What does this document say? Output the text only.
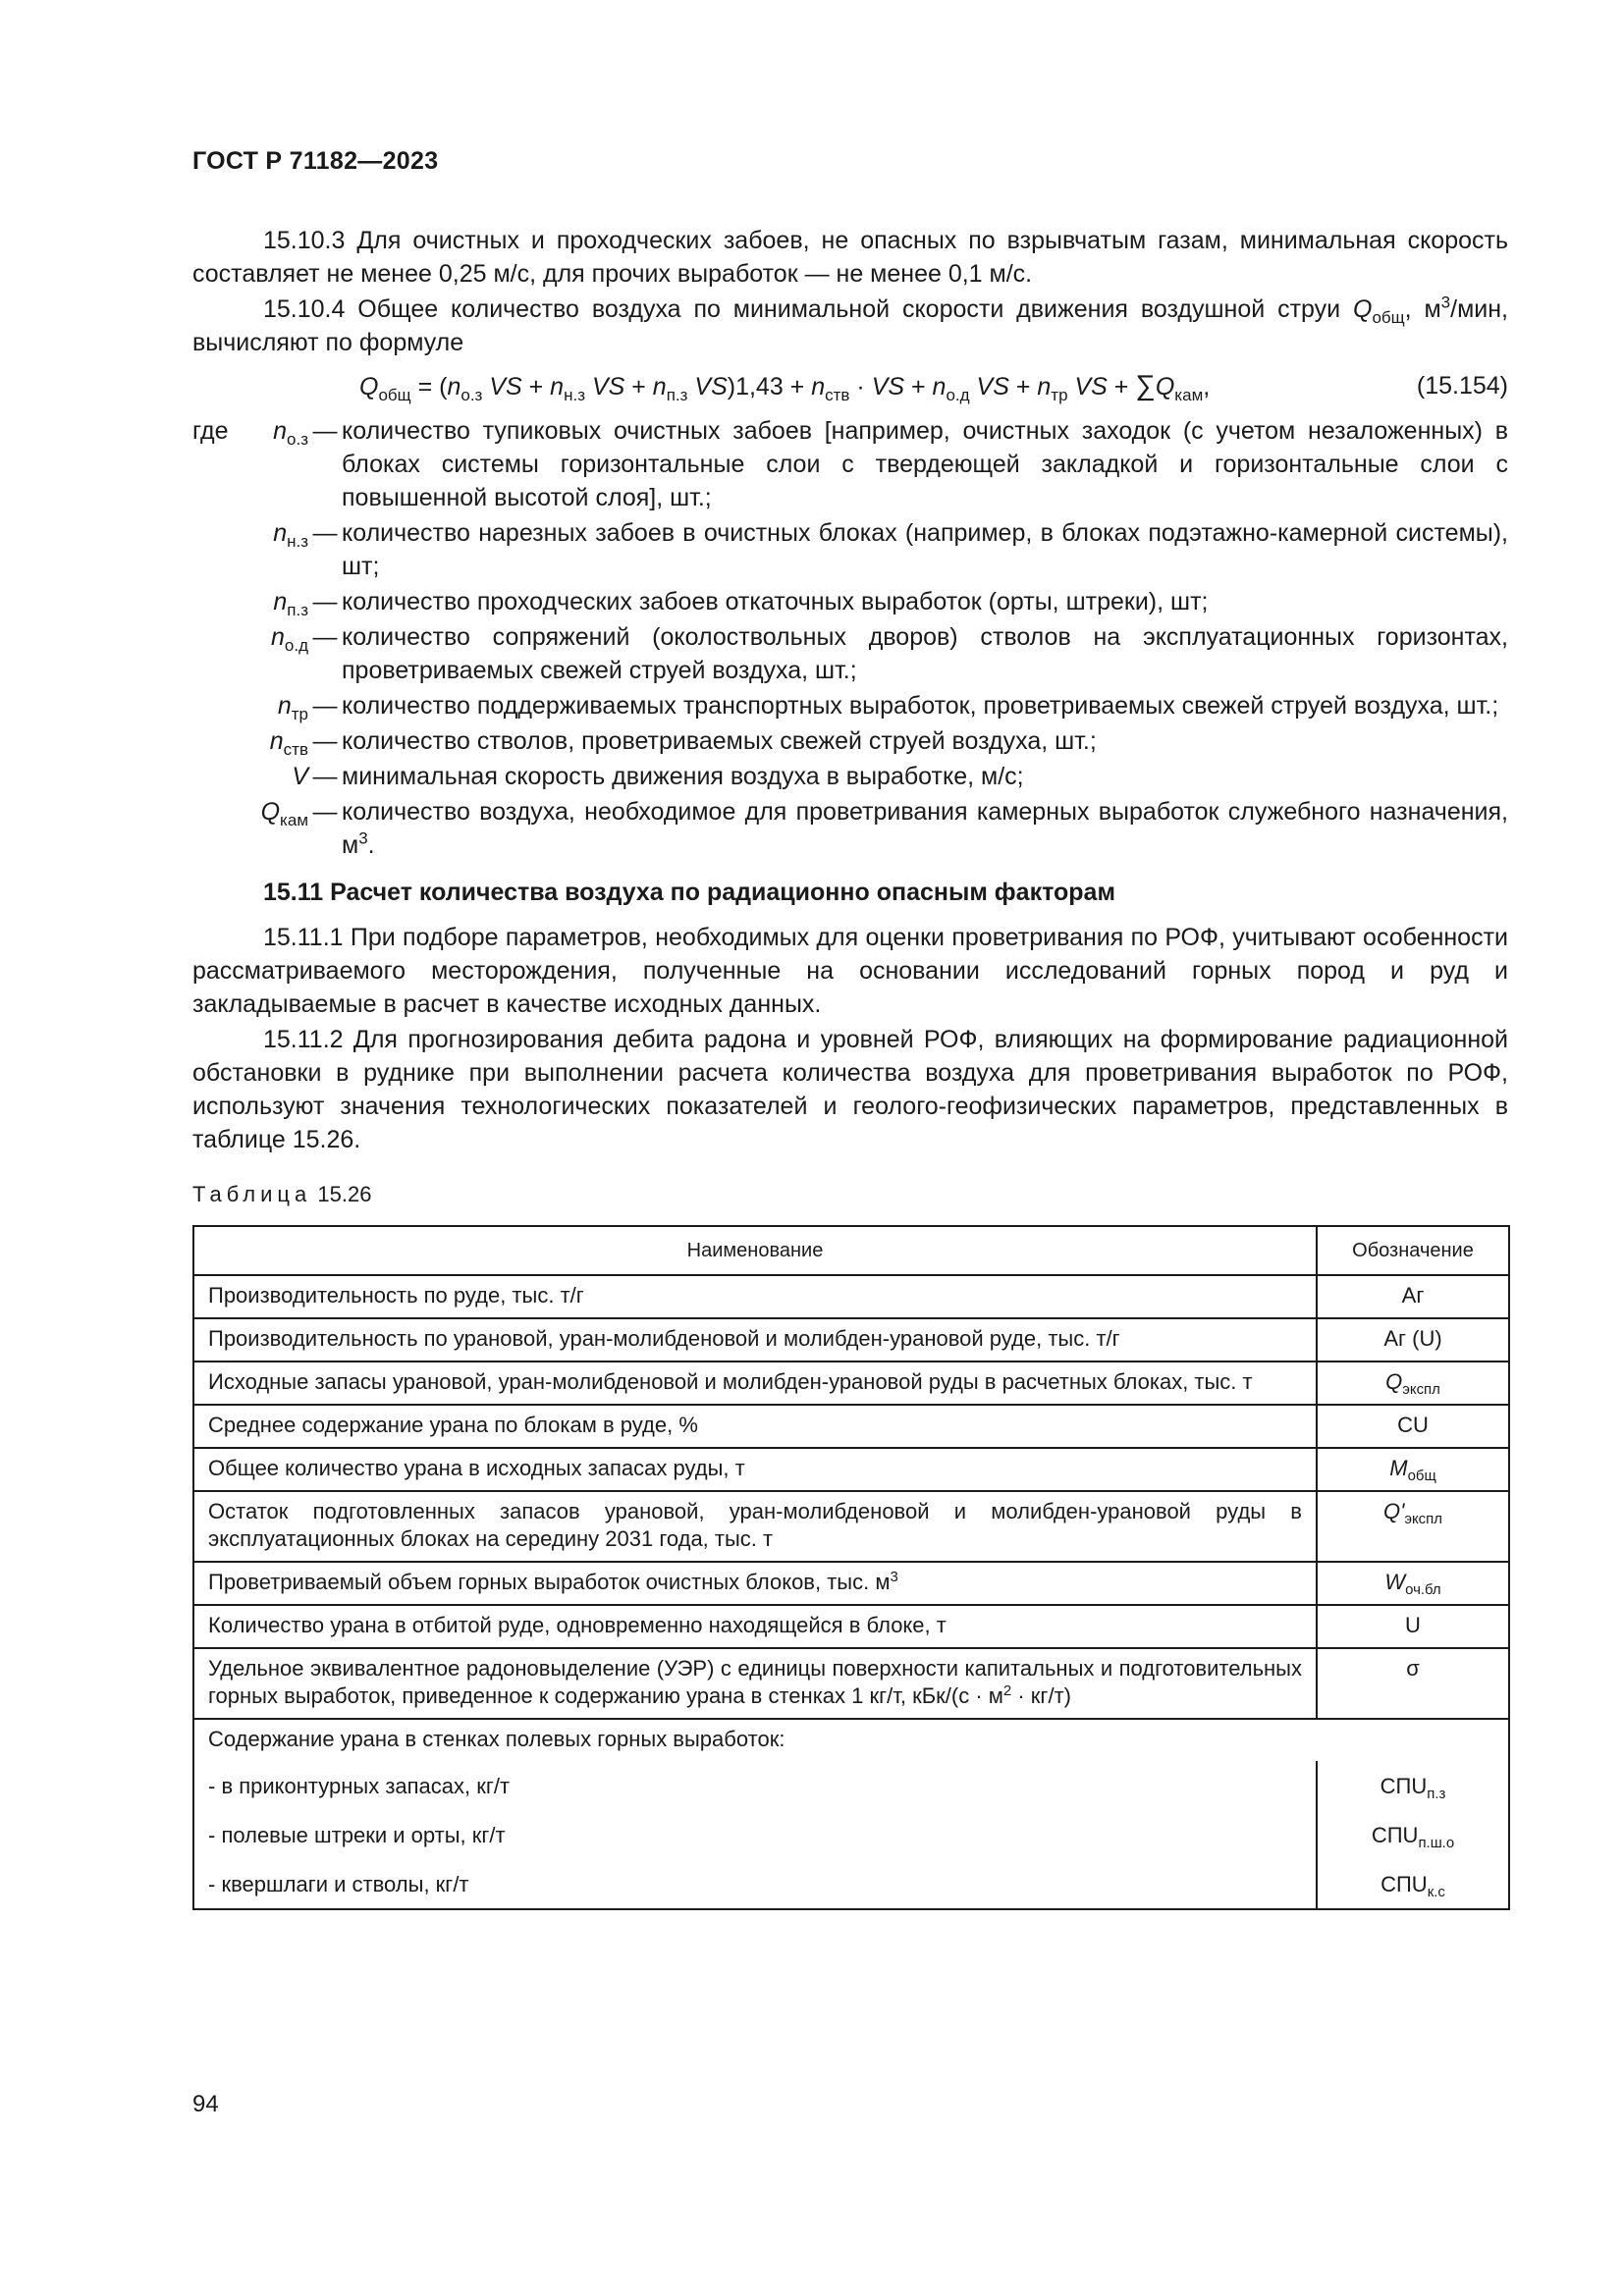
ГОСТ Р 71182—2023

15.10.3 Для очистных и проходческих забоев, не опасных по взрывчатым газам, минимальная скорость составляет не менее 0,25 м/с, для прочих выработок — не менее 0,1 м/с.

15.10.4 Общее количество воздуха по минимальной скорости движения воздушной струи $Q_{общ}$, $м^3$/мин, вычисляют по формуле

$Q_{общ} = (n_{о.з}$ VS + $n_{н.з}$ VS + $n_{п.з}$ $VS)1,43 + n_{ств}$ · VS + $n_{о.д}$ VS + $n_{тр}$ VS + $\sum Q_{кам}$,	(15.154)
где $n_{о.з}$ — количество тупиковых очистных забоев [например, очистных заходок (с учетом незаложенных) в блоках системы горизонтальные слои с твердеющей закладкой и горизонтальные слои с повышенной высотой слоя], шт.;
$n_{н.з}$ — количество нарезных забоев в очистных блоках (например, в блоках подэтажно-камерной системы), шт;
$n_{п.з}$ — количество проходческих забоев откаточных выработок (орты, штреки), шт;
$n_{о.д}$ — количество сопряжений (околоствольных дворов) стволов на эксплуатационных горизонтах, проветриваемых свежей струей воздуха, шт.;
$n_{тр}$ — количество поддерживаемых транспортных выработок, проветриваемых свежей струей воздуха, шт.;
$n_{ств}$ — количество стволов, проветриваемых свежей струей воздуха, шт.;
V — минимальная скорость движения воздуха в выработке, м/с;
$Q_{кам}$ — количество воздуха, необходимое для проветривания камерных выработок служебного назначения, $м^3$.

15.11 Расчет количества воздуха по радиационно опасным факторам

15.11.1 При подборе параметров, необходимых для оценки проветривания по РОФ, учитывают особенности рассматриваемого месторождения, полученные на основании исследований горных пород и руд и закладываемые в расчет в качестве исходных данных.

15.11.2 Для прогнозирования дебита радона и уровней РОФ, влияющих на формирование радиационной обстановки в руднике при выполнении расчета количества воздуха для проветривания выработок по РОФ, используют значения технологических показателей и геолого-геофизических параметров, представленных в таблице 15.26.

Таблица 15.26
Наименование	Обозначение
Производительность по руде, тыс. т/г	Аг
Производительность по урановой, уран-молибденовой и молибден-урановой руде, тыс. т/г	Аг (U)
Исходные запасы урановой, уран-молибденовой и молибден-урановой руды в расчетных блоках, тыс. т	$Q_{экспл}$
Среднее содержание урана по блокам в руде, %	CU
Общее количество урана в исходных запасах руды, т	$M_{общ}$
Остаток подготовленных запасов урановой, уран-молибденовой и молибден-урановой руды в эксплуатационных блоках на середину 2031 года, тыс. т	$Q'_{экспл}$
Проветриваемый объем горных выработок очистных блоков, тыс. $м^3$	$W_{оч.бл}$
Количество урана в отбитой руде, одновременно находящейся в блоке, т	U
Удельное эквивалентное радоновыделение (УЭР) с единицы поверхности капитальных и подготовительных горных выработок, приведенное к содержанию урана в стенках 1 кг/т, $кБк/(с \cdot м^2 \cdot кг/т)$	σ
Содержание урана в стенках полевых горных выработок:	
- в приконтурных запасах, кг/т	$СПU_{п.з}$
- полевые штреки и орты, кг/т	$СПU_{п.ш.о}$
- квершлаги и стволы, кг/т	$СПU_{к.с}$
94
